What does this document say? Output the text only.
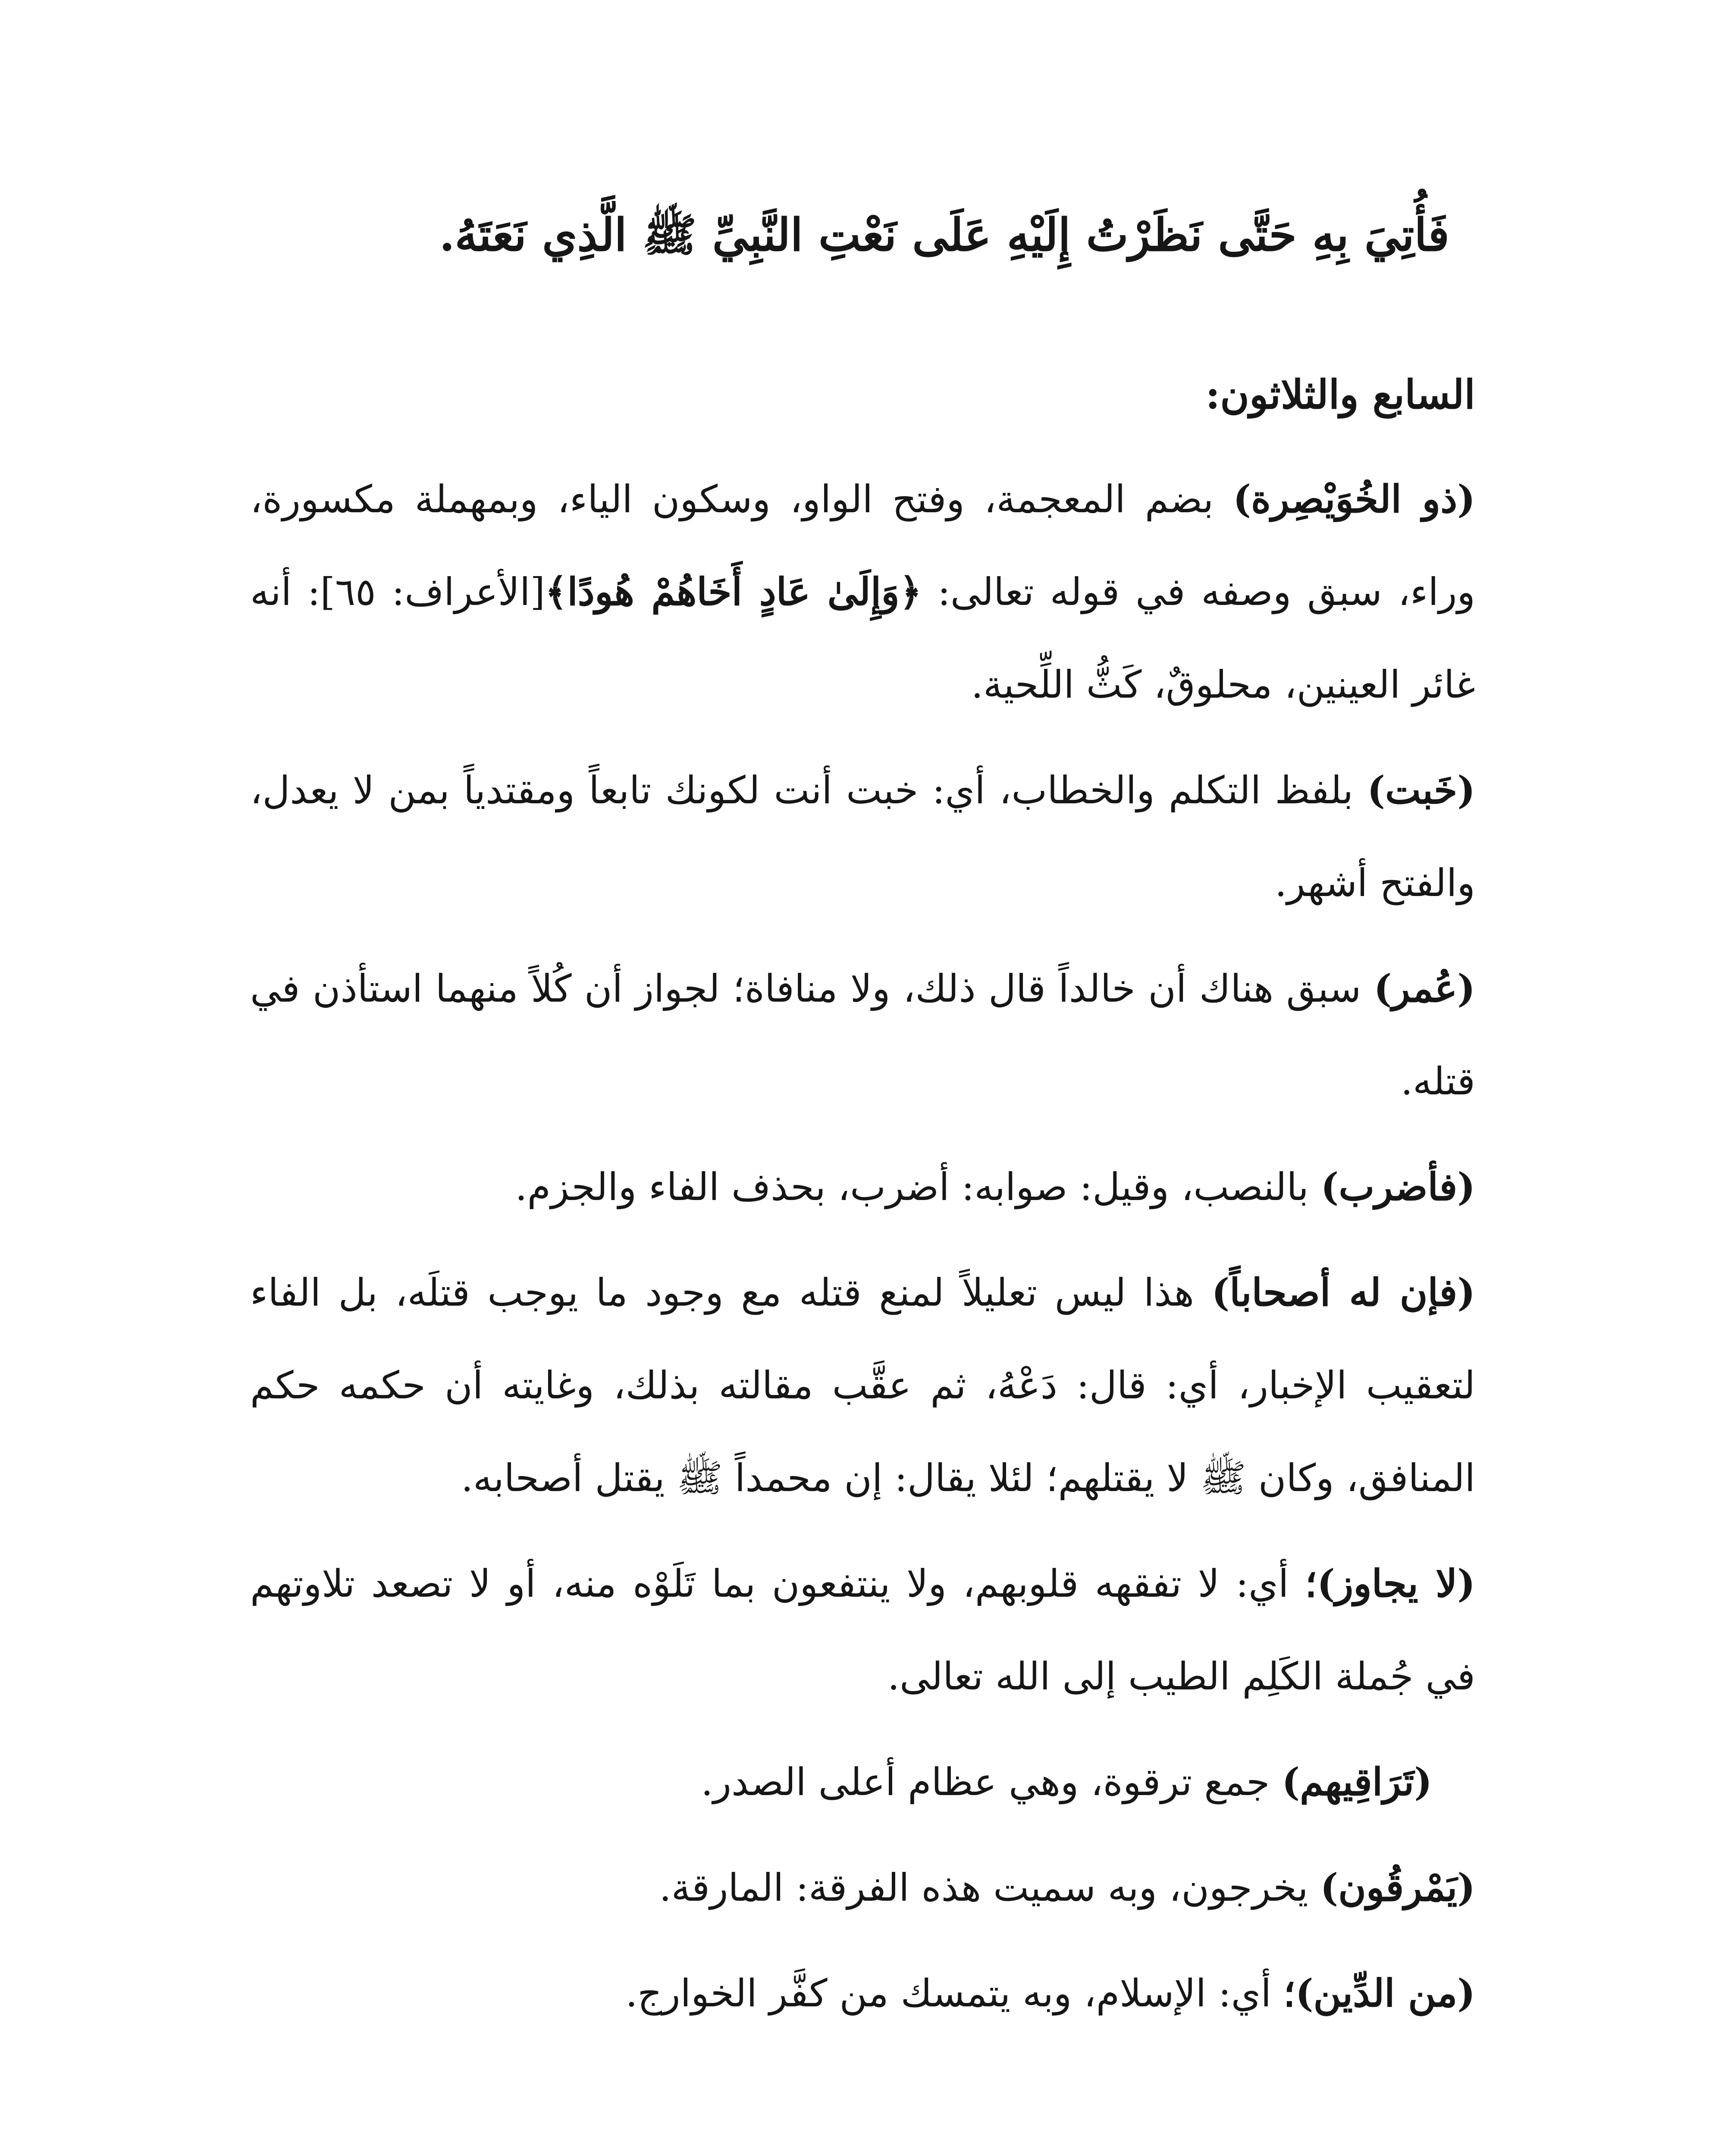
فَأُتِيَ بِهِ حَتَّى نَظَرْتُ إِلَيْهِ عَلَى نَعْتِ النَّبِيِّ ﷺ الَّذِي نَعَتَهُ.
السابع والثلاثون:

(ذو الخُوَيْصِرة) بضم المعجمة، وفتح الواو، وسكون الياء، وبمهملة مكسورة، وراء، سبق وصفه في قوله تعالى: ﴿وَإِلَىٰ عَادٍ أَخَاهُمْ هُودًا﴾[الأعراف: ٦٥]: أنه غائر العينين، محلوقٌ، كَثُّ اللِّحية.

(خَبت) بلفظ التكلم والخطاب، أي: خبت أنت لكونك تابعاً ومقتدياً بمن لا يعدل، والفتح أشهر.

(عُمر) سبق هناك أن خالداً قال ذلك، ولا منافاة؛ لجواز أن كُلاً منهما استأذن في قتله.

(فأضرب) بالنصب، وقيل: صوابه: أضرب، بحذف الفاء والجزم.

(فإن له أصحاباً) هذا ليس تعليلاً لمنع قتله مع وجود ما يوجب قتلَه، بل الفاء لتعقيب الإخبار، أي: قال: دَعْهُ، ثم عقَّب مقالته بذلك، وغايته أن حكمه حكم المنافق، وكان ﷺ لا يقتلهم؛ لئلا يقال: إن محمداً ﷺ يقتل أصحابه.

(لا يجاوز)؛ أي: لا تفقهه قلوبهم، ولا ينتفعون بما تَلَوْه منه، أو لا تصعد تلاوتهم في جُملة الكَلِم الطيب إلى الله تعالى.

(تَرَاقِيهم) جمع ترقوة، وهي عظام أعلى الصدر.

(يَمْرقُون) يخرجون، وبه سميت هذه الفرقة: المارقة.

(من الدِّين)؛ أي: الإسلام، وبه يتمسك من كفَّر الخوارج.
